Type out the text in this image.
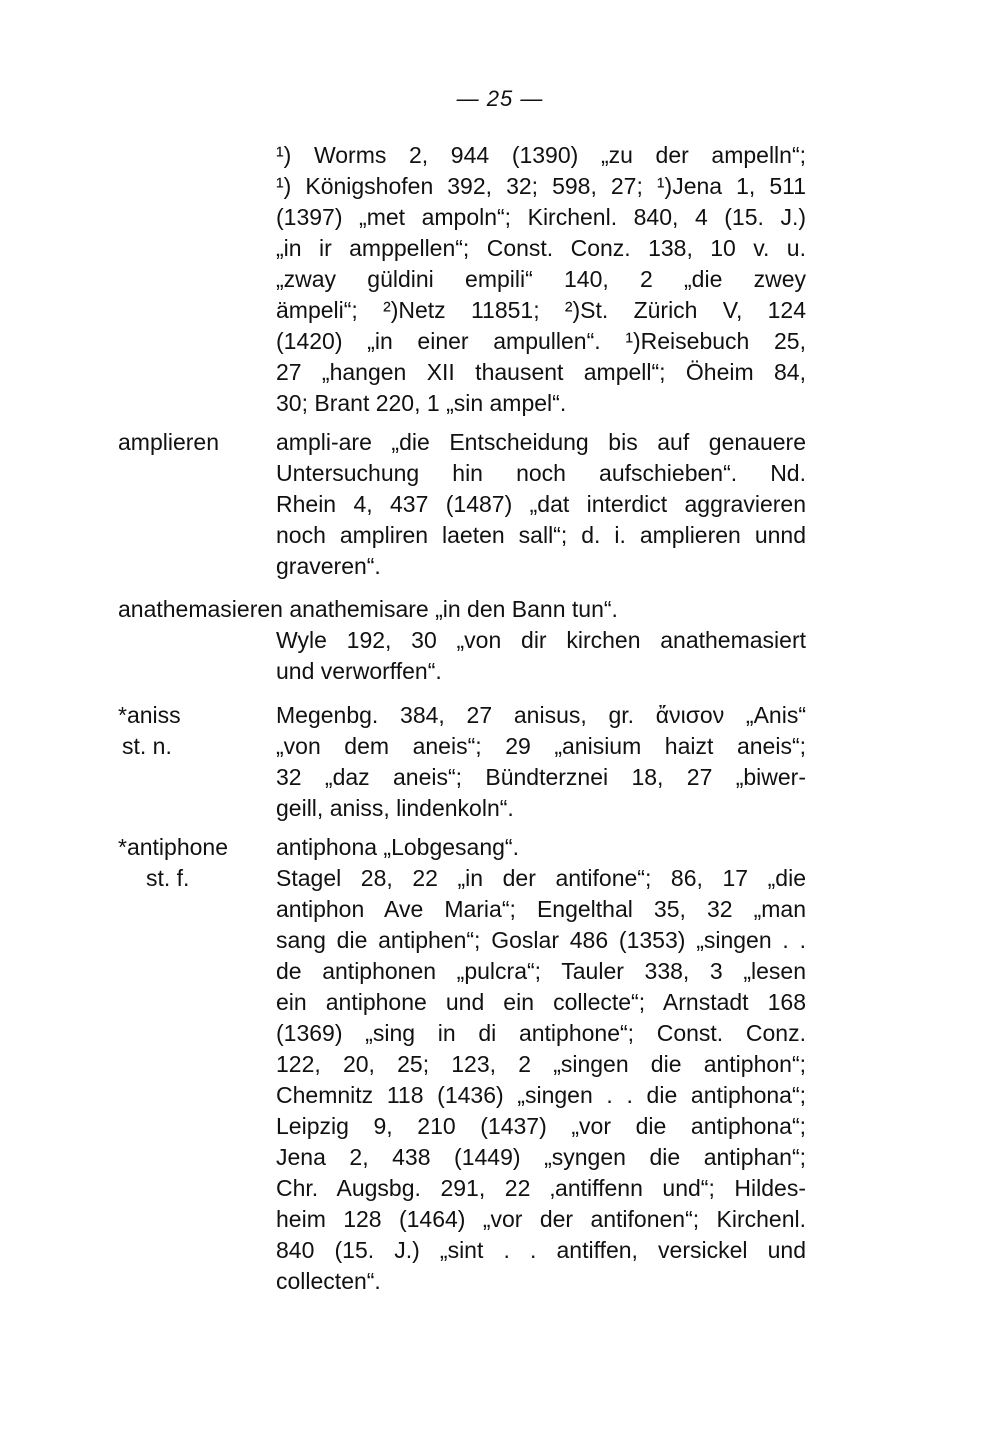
— 25 —
¹) Worms 2, 944 (1390) „zu der ampelln“;
¹) Königshofen 392, 32; 598, 27; ¹)Jena 1, 511
(1397) „met ampoln“; Kirchenl. 840, 4 (15. J.)
„in ir amppellen“; Const. Conz. 138, 10 v. u.
„zway güldini empili“ 140, 2 „die zwey
ämpeli“; ²)Netz 11851; ²)St. Zürich V, 124
(1420) „in einer ampullen“. ¹)Reisebuch 25,
27 „hangen XII thausent ampell“; Öheim 84,
30; Brant 220, 1 „sin ampel“.
amplieren	ampli-are „die Entscheidung bis auf genauere
Untersuchung hin noch aufschieben“. Nd.
Rhein 4, 437 (1487) „dat interdict aggravieren
noch ampliren laeten sall“; d. i. amplieren unnd
graveren“.
anathemasieren anathemisare „in den Bann tun“.
Wyle 192, 30 „von dir kirchen anathemasiert
und verworffen“.
*aniss
st. n.
Megenbg. 384, 27 anisus, gr. ἄνισον „Anis“
„von dem aneis“; 29 „anisium haizt aneis“;
32 „daz aneis“; Bündterznei 18, 27 „biwer-
geill, aniss, lindenkoln“.
*antiphone
st. f.
antiphona „Lobgesang“.
Stagel 28, 22 „in der antifone“; 86, 17 „die
antiphon Ave Maria“; Engelthal 35, 32 „man
sang die antiphen“; Goslar 486 (1353) „singen . .
de antiphonen „pulcra“; Tauler 338, 3 „lesen
ein antiphone und ein collecte“; Arnstadt 168
(1369) „sing in di antiphone“; Const. Conz.
122, 20, 25; 123, 2 „singen die antiphon“;
Chemnitz 118 (1436) „singen . . die antiphona“;
Leipzig 9, 210 (1437) „vor die antiphona“;
Jena 2, 438 (1449) „syngen die antiphan“;
Chr. Augsbg. 291, 22 ‚antiffenn und“; Hildes-
heim 128 (1464) „vor der antifonen“; Kirchenl.
840 (15. J.) „sint . . antiffen, versickel und
collecten“.
